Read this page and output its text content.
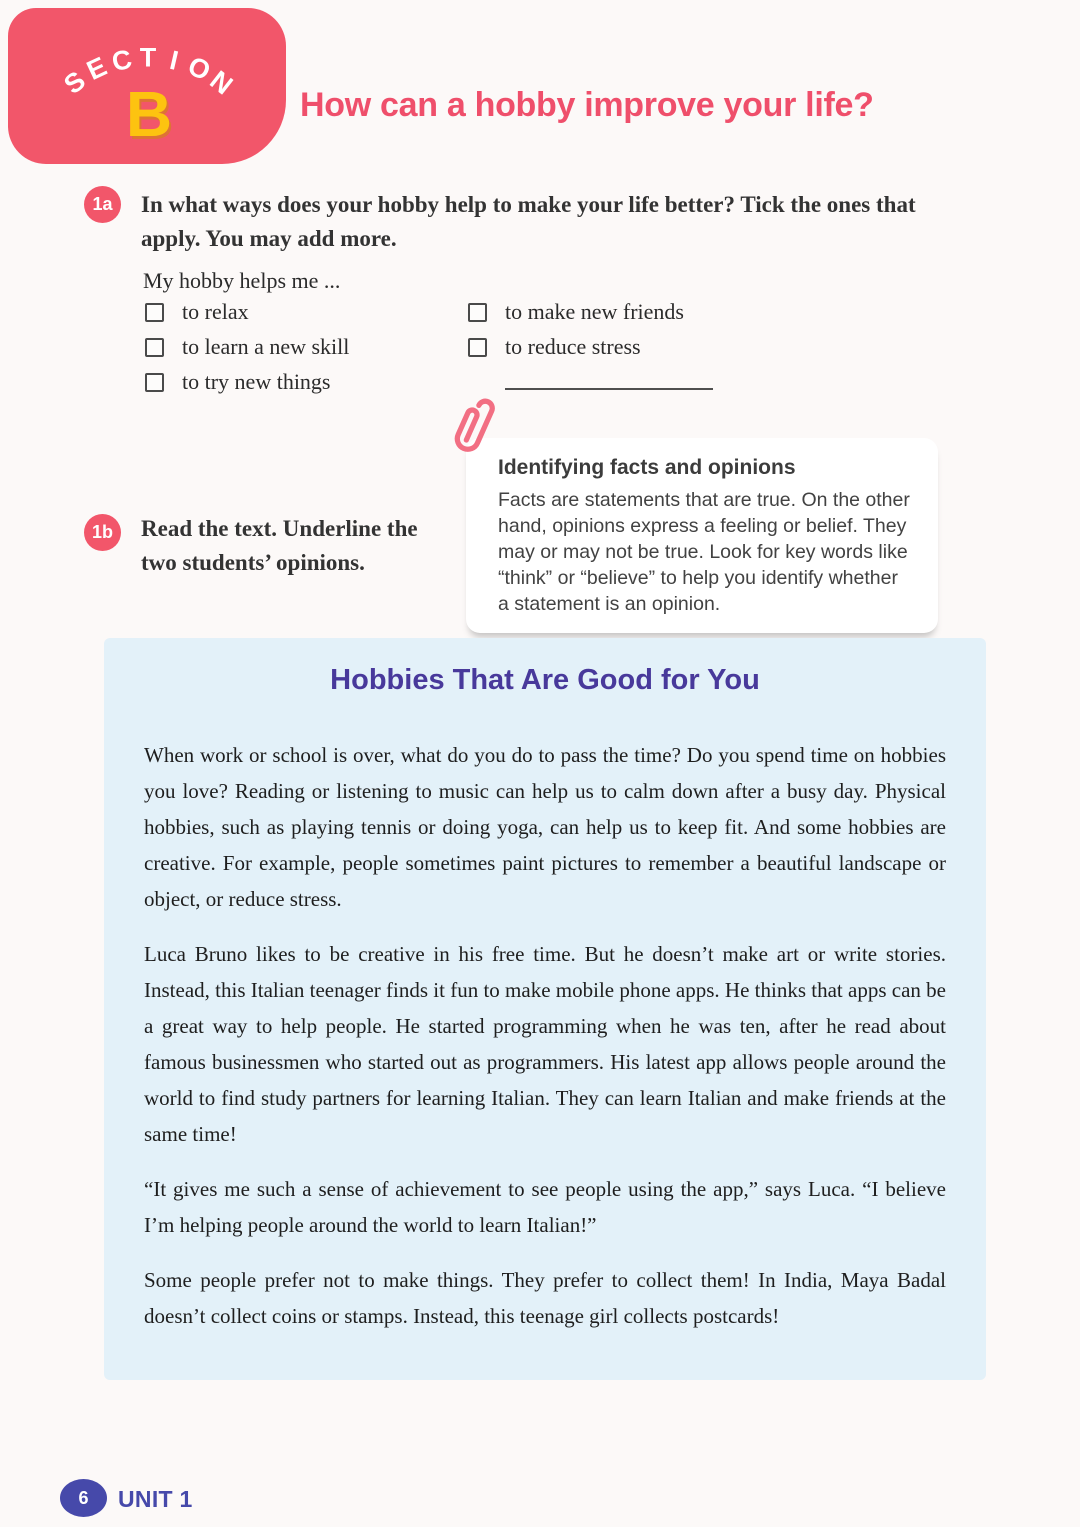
S
E
C T I O
N
B	How can a hobby improve your life?
1a	In what ways does your hobby help to make your life better? Tick the ones that apply. You may add more.
My hobby helps me ...
to relax
to learn a new skill
to try new things
to make new friends
to reduce stress
Identifying facts and opinions
Facts are statements that are true. On the other hand, opinions express a feeling or belief. They may or may not be true. Look for key words like “think” or “believe” to help you identify whether a statement is an opinion.
1b	Read the text. Underline the two students’ opinions.
Hobbies That Are Good for You

When work or school is over, what do you do to pass the time? Do you spend time on hobbies you love? Reading or listening to music can help us to calm down after a busy day. Physical hobbies, such as playing tennis or doing yoga, can help us to keep fit. And some hobbies are creative. For example, people sometimes paint pictures to remember a beautiful landscape or object, or reduce stress.

Luca Bruno likes to be creative in his free time. But he doesn’t make art or write stories. Instead, this Italian teenager finds it fun to make mobile phone apps. He thinks that apps can be a great way to help people. He started programming when he was ten, after he read about famous businessmen who started out as programmers. His latest app allows people around the world to find study partners for learning Italian. They can learn Italian and make friends at the same time!

“It gives me such a sense of achievement to see people using the app,” says Luca. “I believe I’m helping people around the world to learn Italian!”

Some people prefer not to make things. They prefer to collect them! In India, Maya Badal doesn’t collect coins or stamps. Instead, this teenage girl collects postcards!

6	UNIT 1
